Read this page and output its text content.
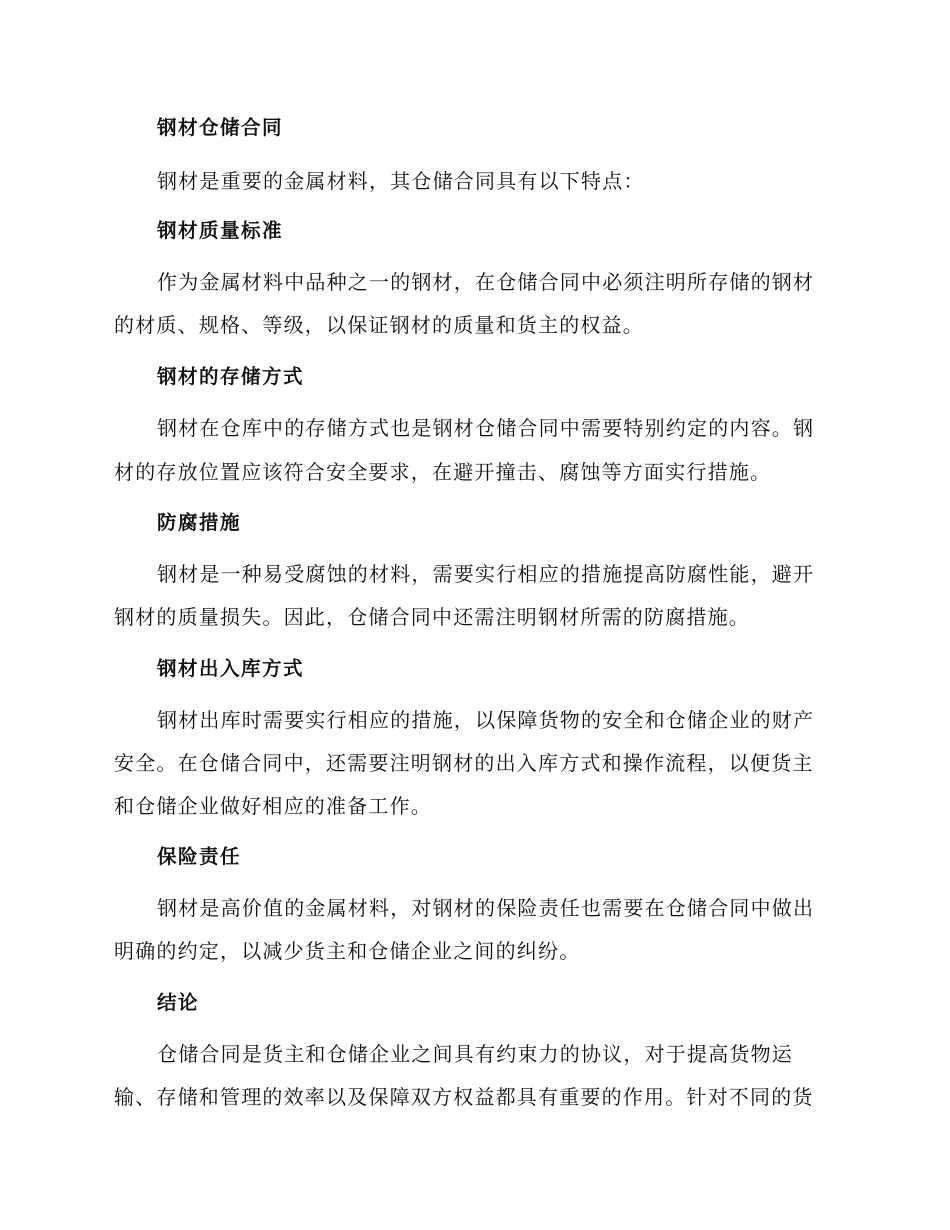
钢材仓储合同
钢材是重要的金属材料，其仓储合同具有以下特点：
钢材质量标准
作为金属材料中品种之一的钢材，在仓储合同中必须注明所存储的钢材
的材质、规格、等级，以保证钢材的质量和货主的权益。
钢材的存储方式
钢材在仓库中的存储方式也是钢材仓储合同中需要特别约定的内容。钢
材的存放位置应该符合安全要求，在避开撞击、腐蚀等方面实行措施。
防腐措施
钢材是一种易受腐蚀的材料，需要实行相应的措施提高防腐性能，避开
钢材的质量损失。因此，仓储合同中还需注明钢材所需的防腐措施。
钢材出入库方式
钢材出库时需要实行相应的措施，以保障货物的安全和仓储企业的财产
安全。在仓储合同中，还需要注明钢材的出入库方式和操作流程，以便货主
和仓储企业做好相应的准备工作。
保险责任
钢材是高价值的金属材料，对钢材的保险责任也需要在仓储合同中做出
明确的约定，以减少货主和仓储企业之间的纠纷。
结论
仓储合同是货主和仓储企业之间具有约束力的协议，对于提高货物运
输、存储和管理的效率以及保障双方权益都具有重要的作用。针对不同的货
